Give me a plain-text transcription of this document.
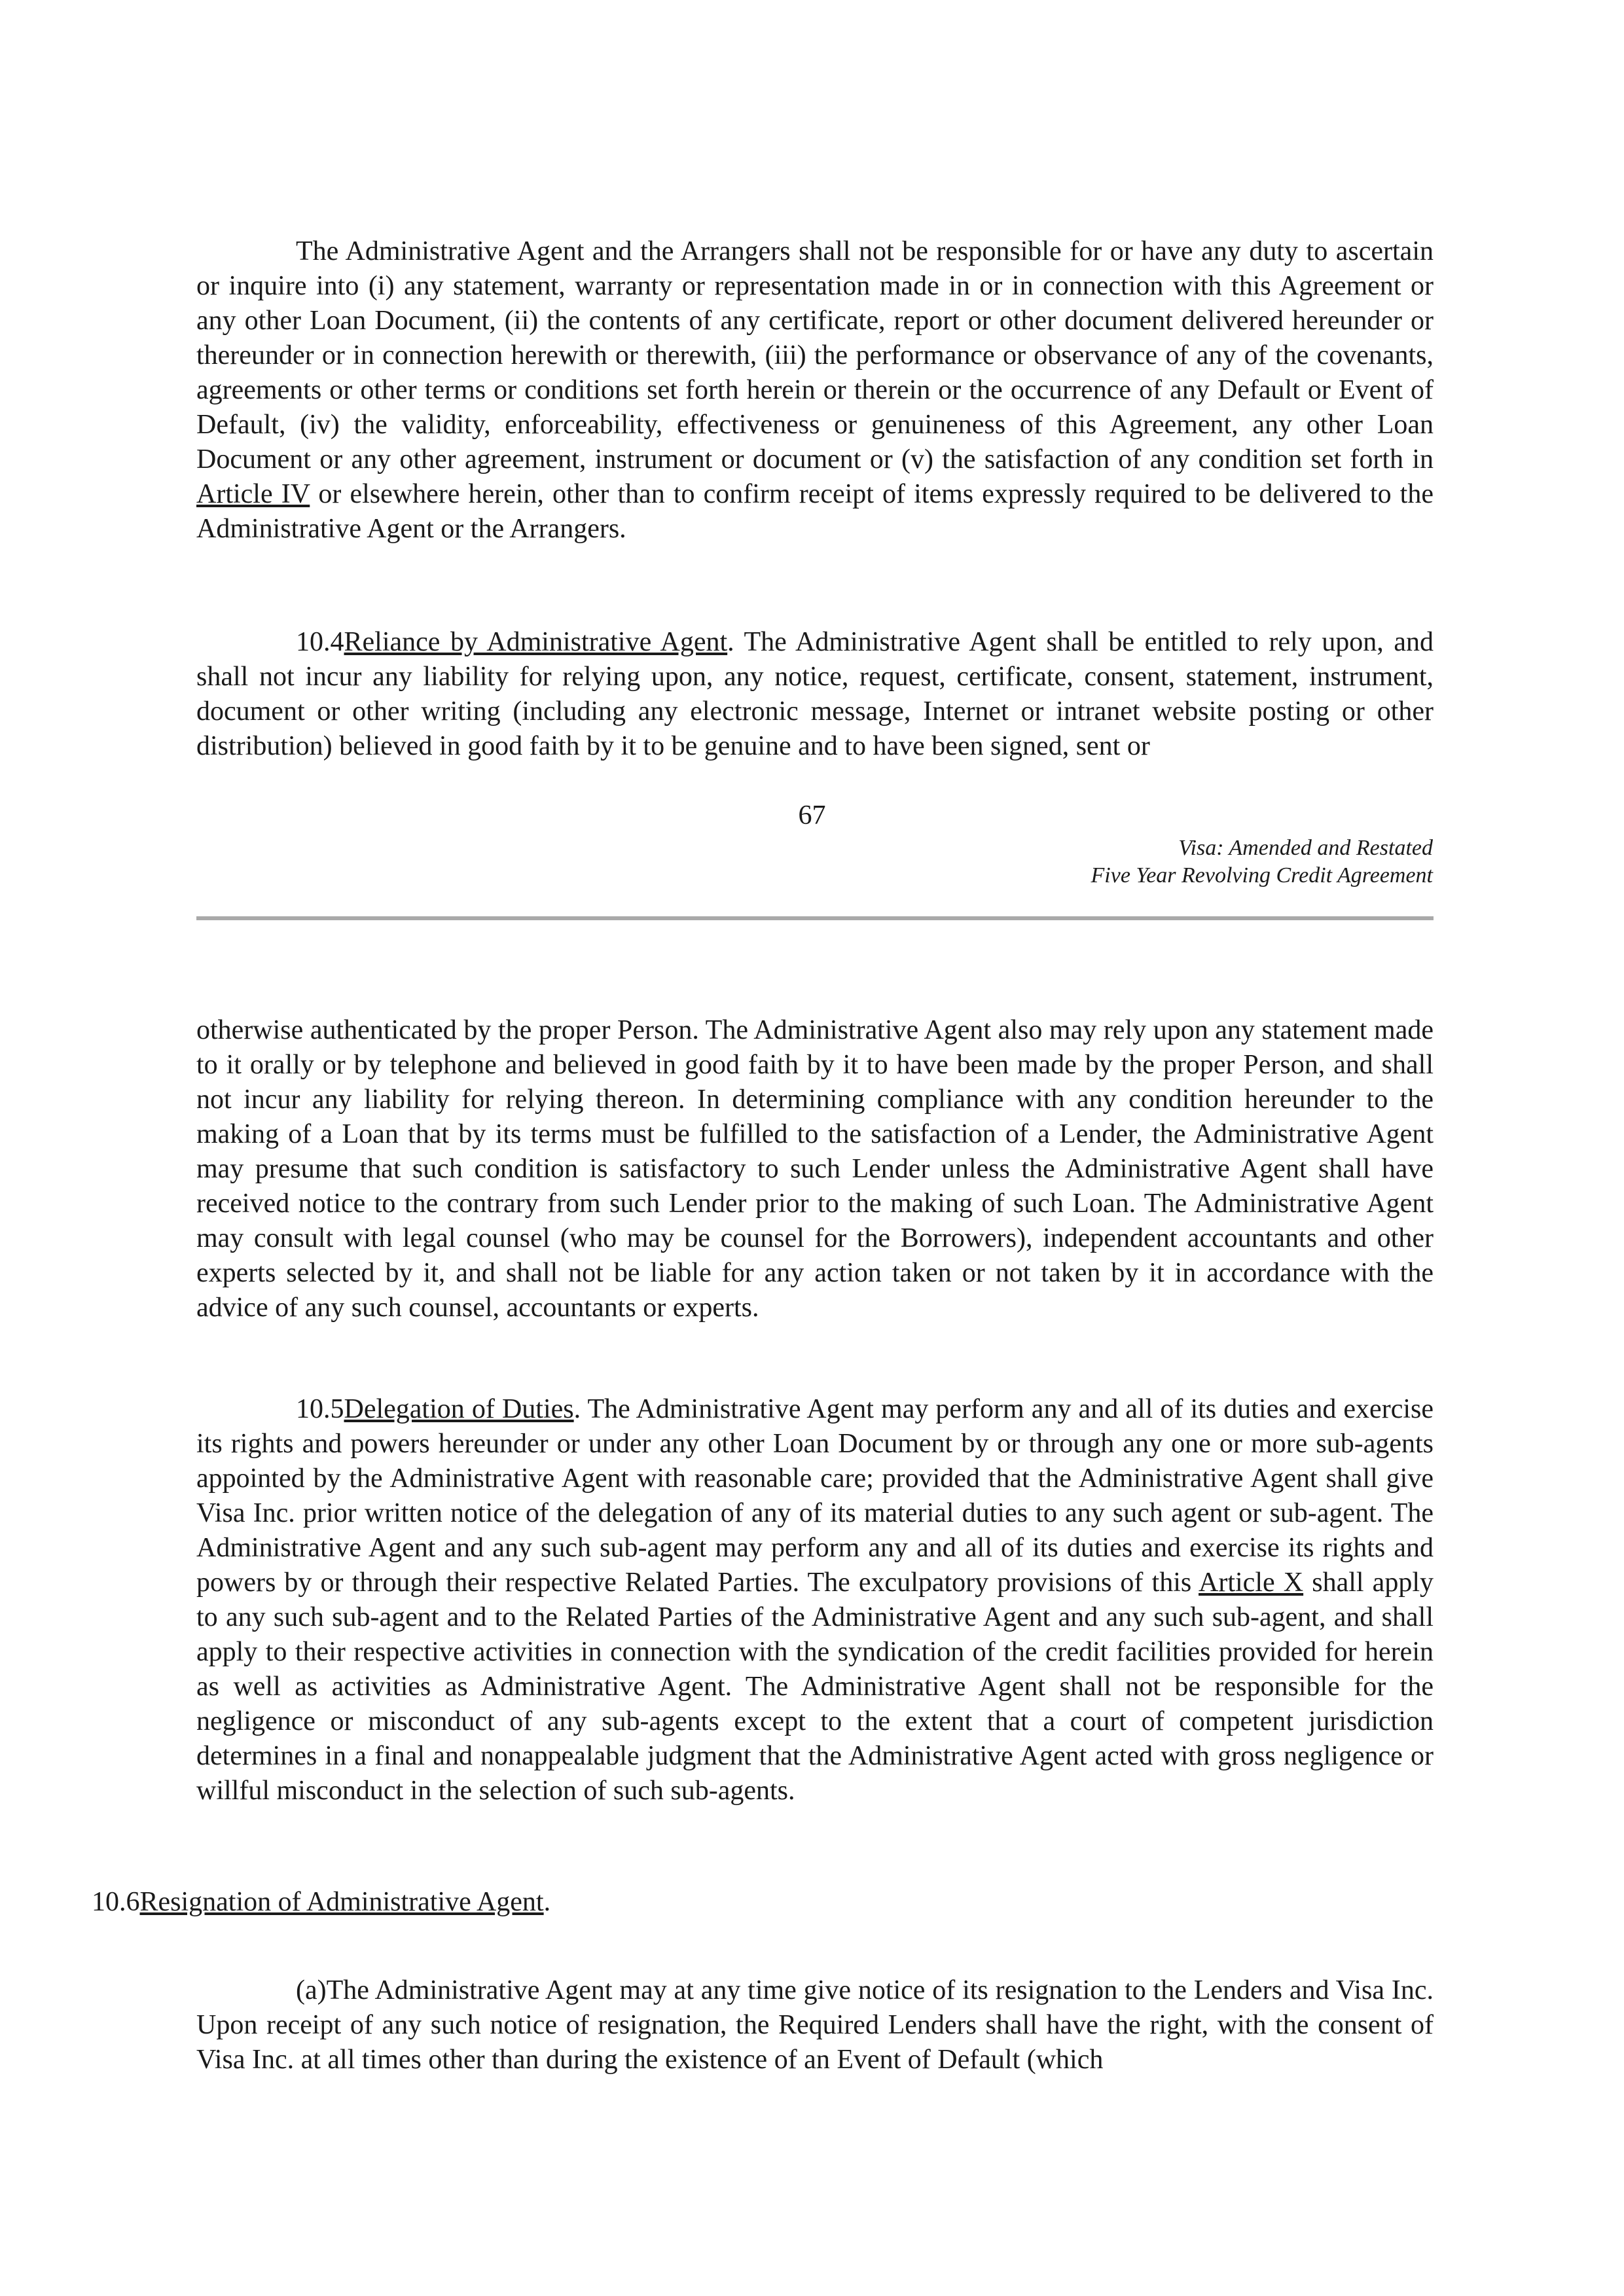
The Administrative Agent and the Arrangers shall not be responsible for or have any duty to ascertain or inquire into (i) any statement, warranty or representation made in or in connection with this Agreement or any other Loan Document, (ii) the contents of any certificate, report or other document delivered hereunder or thereunder or in connection herewith or therewith, (iii) the performance or observance of any of the covenants, agreements or other terms or conditions set forth herein or therein or the occurrence of any Default or Event of Default, (iv) the validity, enforceability, effectiveness or genuineness of this Agreement, any other Loan Document or any other agreement, instrument or document or (v) the satisfaction of any condition set forth in Article IV or elsewhere herein, other than to confirm receipt of items expressly required to be delivered to the Administrative Agent or the Arrangers.

10.4Reliance by Administrative Agent. The Administrative Agent shall be entitled to rely upon, and shall not incur any liability for relying upon, any notice, request, certificate, consent, statement, instrument, document or other writing (including any electronic message, Internet or intranet website posting or other distribution) believed in good faith by it to be genuine and to have been signed, sent or

67
Visa: Amended and Restated
Five Year Revolving Credit Agreement

otherwise authenticated by the proper Person. The Administrative Agent also may rely upon any statement made to it orally or by telephone and believed in good faith by it to have been made by the proper Person, and shall not incur any liability for relying thereon. In determining compliance with any condition hereunder to the making of a Loan that by its terms must be fulfilled to the satisfaction of a Lender, the Administrative Agent may presume that such condition is satisfactory to such Lender unless the Administrative Agent shall have received notice to the contrary from such Lender prior to the making of such Loan. The Administrative Agent may consult with legal counsel (who may be counsel for the Borrowers), independent accountants and other experts selected by it, and shall not be liable for any action taken or not taken by it in accordance with the advice of any such counsel, accountants or experts.

10.5Delegation of Duties. The Administrative Agent may perform any and all of its duties and exercise its rights and powers hereunder or under any other Loan Document by or through any one or more sub-agents appointed by the Administrative Agent with reasonable care; provided that the Administrative Agent shall give Visa Inc. prior written notice of the delegation of any of its material duties to any such agent or sub-agent. The Administrative Agent and any such sub-agent may perform any and all of its duties and exercise its rights and powers by or through their respective Related Parties. The exculpatory provisions of this Article X shall apply to any such sub-agent and to the Related Parties of the Administrative Agent and any such sub-agent, and shall apply to their respective activities in connection with the syndication of the credit facilities provided for herein as well as activities as Administrative Agent. The Administrative Agent shall not be responsible for the negligence or misconduct of any sub-agents except to the extent that a court of competent jurisdiction determines in a final and nonappealable judgment that the Administrative Agent acted with gross negligence or willful misconduct in the selection of such sub-agents.

10.6Resignation of Administrative Agent.

(a)The Administrative Agent may at any time give notice of its resignation to the Lenders and Visa Inc. Upon receipt of any such notice of resignation, the Required Lenders shall have the right, with the consent of Visa Inc. at all times other than during the existence of an Event of Default (which
